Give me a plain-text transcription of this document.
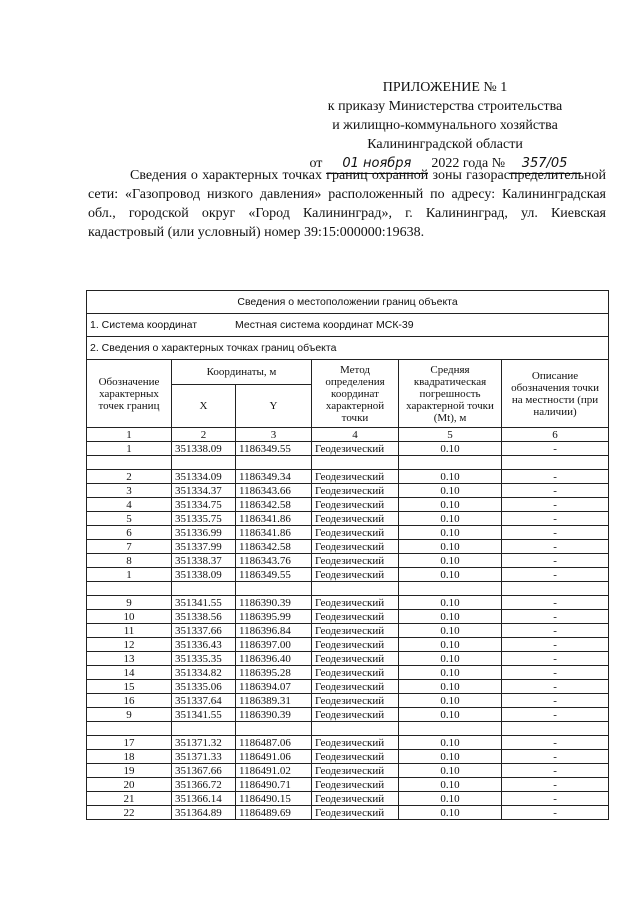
ПРИЛОЖЕНИЕ № 1
к приказу Министерства строительства
и жилищно-коммунального хозяйства
Калининградской области
от 01 ноября 2022 года № 357/05
Сведения о характерных точках границ охранной зоны газораспределительной сети: «Газопровод низкого давления» расположенный по адресу: Калининградская обл., городской округ «Город Калининград», г. Калининград, ул. Киевская кадастровый (или условный) номер 39:15:000000:19638.
Сведения о местоположении границ объекта					
1. Система координат Местная система координат МСК-39					
2. Сведения о характерных точках границ объекта					
Обозначение характерных точек границ	Координаты, м		Метод определения координат характерной точки	Средняя квадратическая погрешность характерной точки (Mt), м	Описание обозначения точки на местности (при наличии)
	X	Y			
1	2	3	4	5	6
1	351338.09	1186349.55	Геодезический	0.10	-

2	351334.09	1186349.34	Геодезический	0.10	-
3	351334.37	1186343.66	Геодезический	0.10	-
4	351334.75	1186342.58	Геодезический	0.10	-
5	351335.75	1186341.86	Геодезический	0.10	-
6	351336.99	1186341.86	Геодезический	0.10	-
7	351337.99	1186342.58	Геодезический	0.10	-
8	351338.37	1186343.76	Геодезический	0.10	-
1	351338.09	1186349.55	Геодезический	0.10	-

9	351341.55	1186390.39	Геодезический	0.10	-
10	351338.56	1186395.99	Геодезический	0.10	-
11	351337.66	1186396.84	Геодезический	0.10	-
12	351336.43	1186397.00	Геодезический	0.10	-
13	351335.35	1186396.40	Геодезический	0.10	-
14	351334.82	1186395.28	Геодезический	0.10	-
15	351335.06	1186394.07	Геодезический	0.10	-
16	351337.64	1186389.31	Геодезический	0.10	-
9	351341.55	1186390.39	Геодезический	0.10	-

17	351371.32	1186487.06	Геодезический	0.10	-
18	351371.33	1186491.06	Геодезический	0.10	-
19	351367.66	1186491.02	Геодезический	0.10	-
20	351366.72	1186490.71	Геодезический	0.10	-
21	351366.14	1186490.15	Геодезический	0.10	-
22	351364.89	1186489.69	Геодезический	0.10	-
